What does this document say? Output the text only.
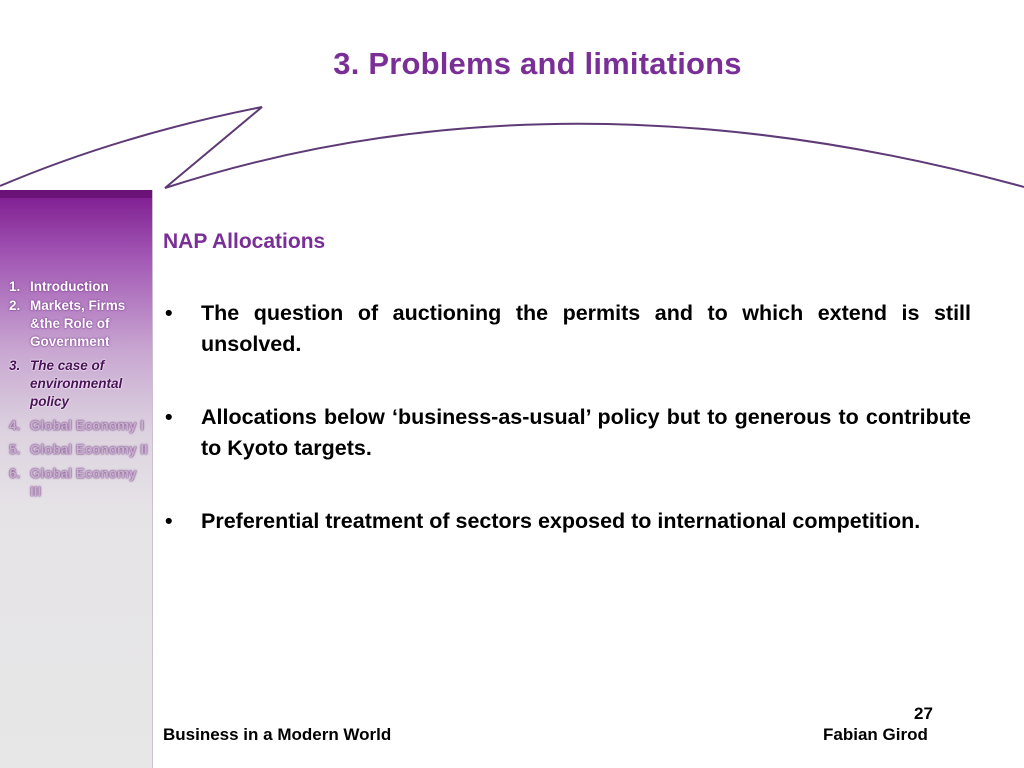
3. Problems and limitations
1. Introduction
2. Markets, Firms &the Role of Government
3. The case of environmental policy
4. Global Economy I
5. Global Economy II
6. Global Economy III
NAP Allocations
• The question of auctioning the permits and to which extend is still unsolved.
• Allocations below ‘business-as-usual’ policy but to generous to contribute to Kyoto targets.
• Preferential treatment of sectors exposed to international competition.
27
Business in a Modern World	Fabian Girod
